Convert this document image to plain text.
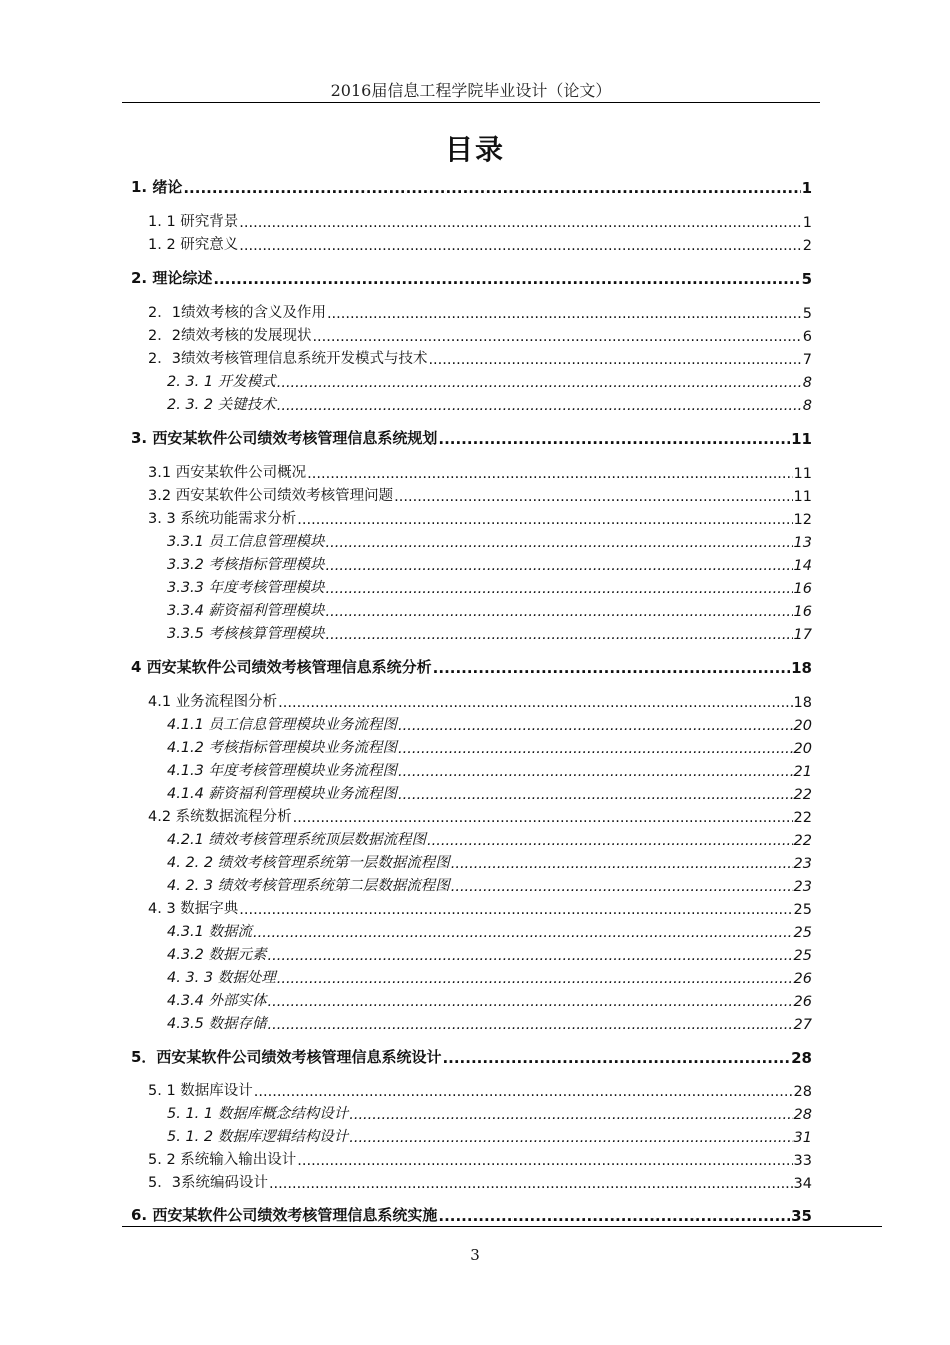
2016届信息工程学院毕业设计（论文）
目录
1. 绪论 .....	1
1. 1 研究背景 .....	1
1. 2 研究意义 .....	2
2. 理论综述 .....	5
2．1绩效考核的含义及作用 .....	5
2．2绩效考核的发展现状 .....	6
2．3绩效考核管理信息系统开发模式与技术 .....	7
2. 3. 1 开发模式 .....	8
2. 3. 2 关键技术 .....	8
3. 西安某软件公司绩效考核管理信息系统规划 .....	11
3.1 西安某软件公司概况 .....	11
3.2 西安某软件公司绩效考核管理问题 .....	11
3. 3 系统功能需求分析 .....	12
3.3.1 员工信息管理模块 .....	13
3.3.2 考核指标管理模块 .....	14
3.3.3 年度考核管理模块 .....	16
3.3.4 薪资福利管理模块 .....	16
3.3.5 考核核算管理模块 .....	17
4 西安某软件公司绩效考核管理信息系统分析 .....	18
4.1 业务流程图分析 .....	18
4.1.1 员工信息管理模块业务流程图 .....	20
4.1.2 考核指标管理模块业务流程图 .....	20
4.1.3 年度考核管理模块业务流程图 .....	21
4.1.4 薪资福利管理模块业务流程图 .....	22
4.2 系统数据流程分析 .....	22
4.2.1 绩效考核管理系统顶层数据流程图 .....	22
4. 2. 2 绩效考核管理系统第一层数据流程图 .....	23
4. 2. 3 绩效考核管理系统第二层数据流程图 .....	23
4. 3 数据字典 .....	25
4.3.1 数据流 .....	25
4.3.2 数据元素 .....	25
4. 3. 3 数据处理 .....	26
4.3.4 外部实体 .....	26
4.3.5 数据存储 .....	27
5．西安某软件公司绩效考核管理信息系统设计 .....	28
5. 1 数据库设计 .....	28
5. 1. 1 数据库概念结构设计 .....	28
5. 1. 2 数据库逻辑结构设计 .....	31
5. 2 系统输入输出设计 .....	33
5．3系统编码设计 .....	34
6. 西安某软件公司绩效考核管理信息系统实施 .....	35
3
